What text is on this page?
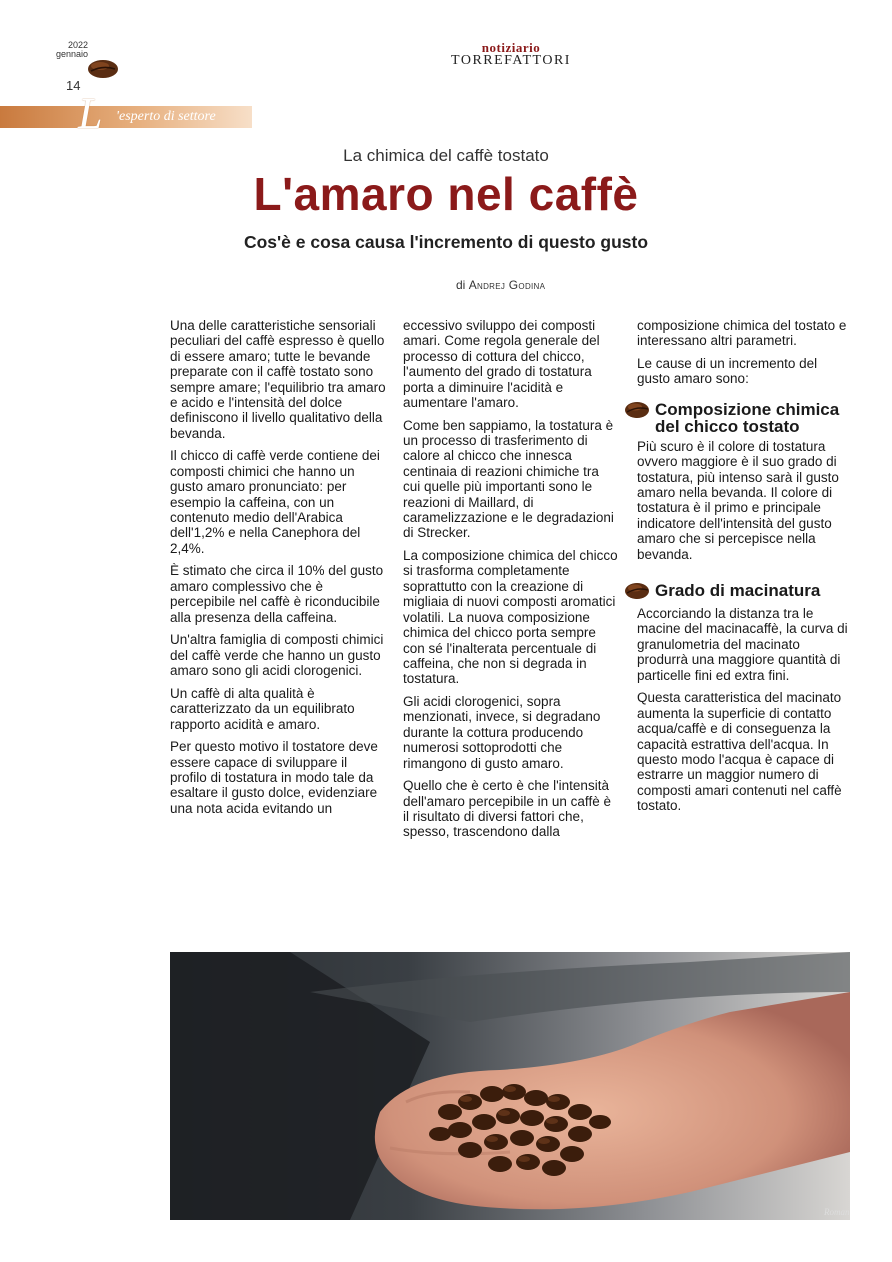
2022
gennaio
14
notiziario
TORREFATTORI
L 'esperto di settore
La chimica del caffè tostato
L'amaro nel caffè
Cos'è e cosa causa l'incremento di questo gusto
di Andrej Godina

Una delle caratteristiche sensoriali peculiari del caffè espresso è quello di essere amaro; tutte le bevande preparate con il caffè tostato sono sempre amare; l'equilibrio tra amaro e acido e l'intensità del dolce definiscono il livello qualitativo della bevanda.

Il chicco di caffè verde contiene dei composti chimici che hanno un gusto amaro pronunciato: per esempio la caffeina, con un contenuto medio dell'Arabica dell'1,2% e nella Canephora del 2,4%.

È stimato che circa il 10% del gusto amaro complessivo che è percepibile nel caffè è riconducibile alla presenza della caffeina.

Un'altra famiglia di composti chimici del caffè verde che hanno un gusto amaro sono gli acidi clorogenici.

Un caffè di alta qualità è caratterizzato da un equilibrato rapporto acidità e amaro.

Per questo motivo il tostatore deve essere capace di sviluppare il profilo di tostatura in modo tale da esaltare il gusto dolce, evidenziare una nota acida evitando un

eccessivo sviluppo dei composti amari. Come regola generale del processo di cottura del chicco, l'aumento del grado di tostatura porta a diminuire l'acidità e aumentare l'amaro.

Come ben sappiamo, la tostatura è un processo di trasferimento di calore al chicco che innesca centinaia di reazioni chimiche tra cui quelle più importanti sono le reazioni di Maillard, di caramelizzazione e le degradazioni di Strecker.

La composizione chimica del chicco si trasforma completamente soprattutto con la creazione di migliaia di nuovi composti aromatici volatili. La nuova composizione chimica del chicco porta sempre con sé l'inalterata percentuale di caffeina, che non si degrada in tostatura.

Gli acidi clorogenici, sopra menzionati, invece, si degradano durante la cottura producendo numerosi sottoprodotti che rimangono di gusto amaro.

Quello che è certo è che l'intensità dell'amaro percepibile in un caffè è il risultato di diversi fattori che, spesso, trascendono dalla

composizione chimica del tostato e interessano altri parametri.

Le cause di un incremento del gusto amaro sono:

Composizione chimica del chicco tostato

Più scuro è il colore di tostatura ovvero maggiore è il suo grado di tostatura, più intenso sarà il gusto amaro nella bevanda. Il colore di tostatura è il primo e principale indicatore dell'intensità del gusto amaro che si percepisce nella bevanda.

Grado di macinatura

Accorciando la distanza tra le macine del macinacaffè, la curva di granulometria del macinato produrrà una maggiore quantità di particelle fini ed extra fini.

Questa caratteristica del macinato aumenta la superficie di contatto acqua/caffè e di conseguenza la capacità estrattiva dell'acqua. In questo modo l'acqua è capace di estrarre un maggior numero di composti amari contenuti nel caffè tostato.

Roman
